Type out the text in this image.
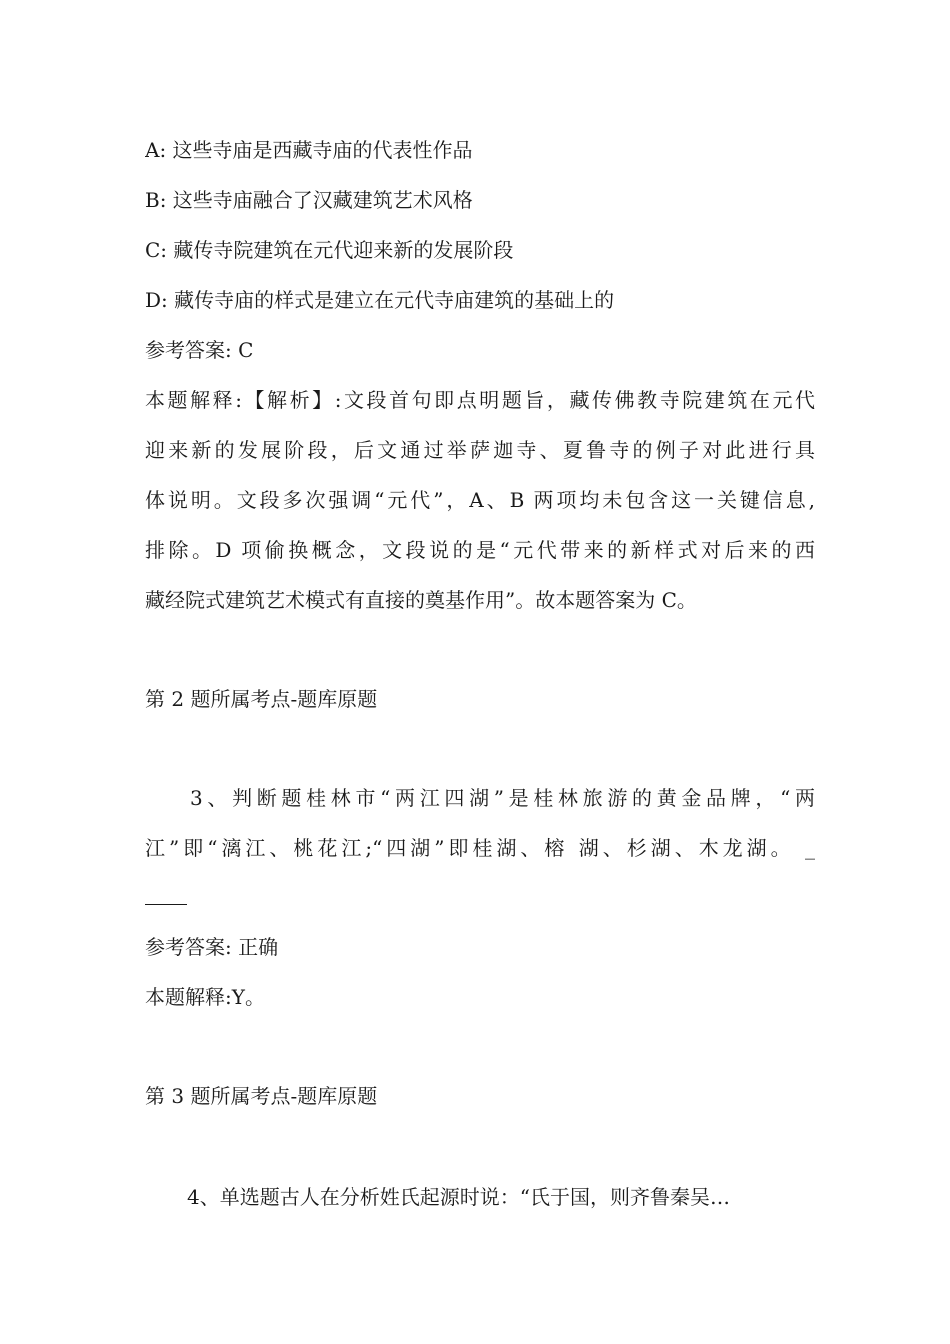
A: 这些寺庙是西藏寺庙的代表性作品
B: 这些寺庙融合了汉藏建筑艺术风格
C: 藏传寺院建筑在元代迎来新的发展阶段
D: 藏传寺庙的样式是建立在元代寺庙建筑的基础上的
参考答案: C
本题解释:【解析】:文段首句即点明题旨，藏传佛教寺院建筑在元代
迎来新的发展阶段，后文通过举萨迦寺、夏鲁寺的例子对此进行具
体说明。文段多次强调“元代”，A、B 两项均未包含这一关键信息,
排除。D 项偷换概念，文段说的是“元代带来的新样式对后来的西
藏经院式建筑艺术模式有直接的奠基作用”。故本题答案为 C。
第 2 题所属考点-题库原题
3、判断题桂林市“两江四湖”是桂林旅游的黄金品牌，“两
江”即“漓江、桃花江;“四湖”即桂湖、榕 湖、杉湖、木龙湖。 _
参考答案: 正确
本题解释:Y。
第 3 题所属考点-题库原题
4、单选题古人在分析姓氏起源时说：“氏于国，则齐鲁秦吴…
